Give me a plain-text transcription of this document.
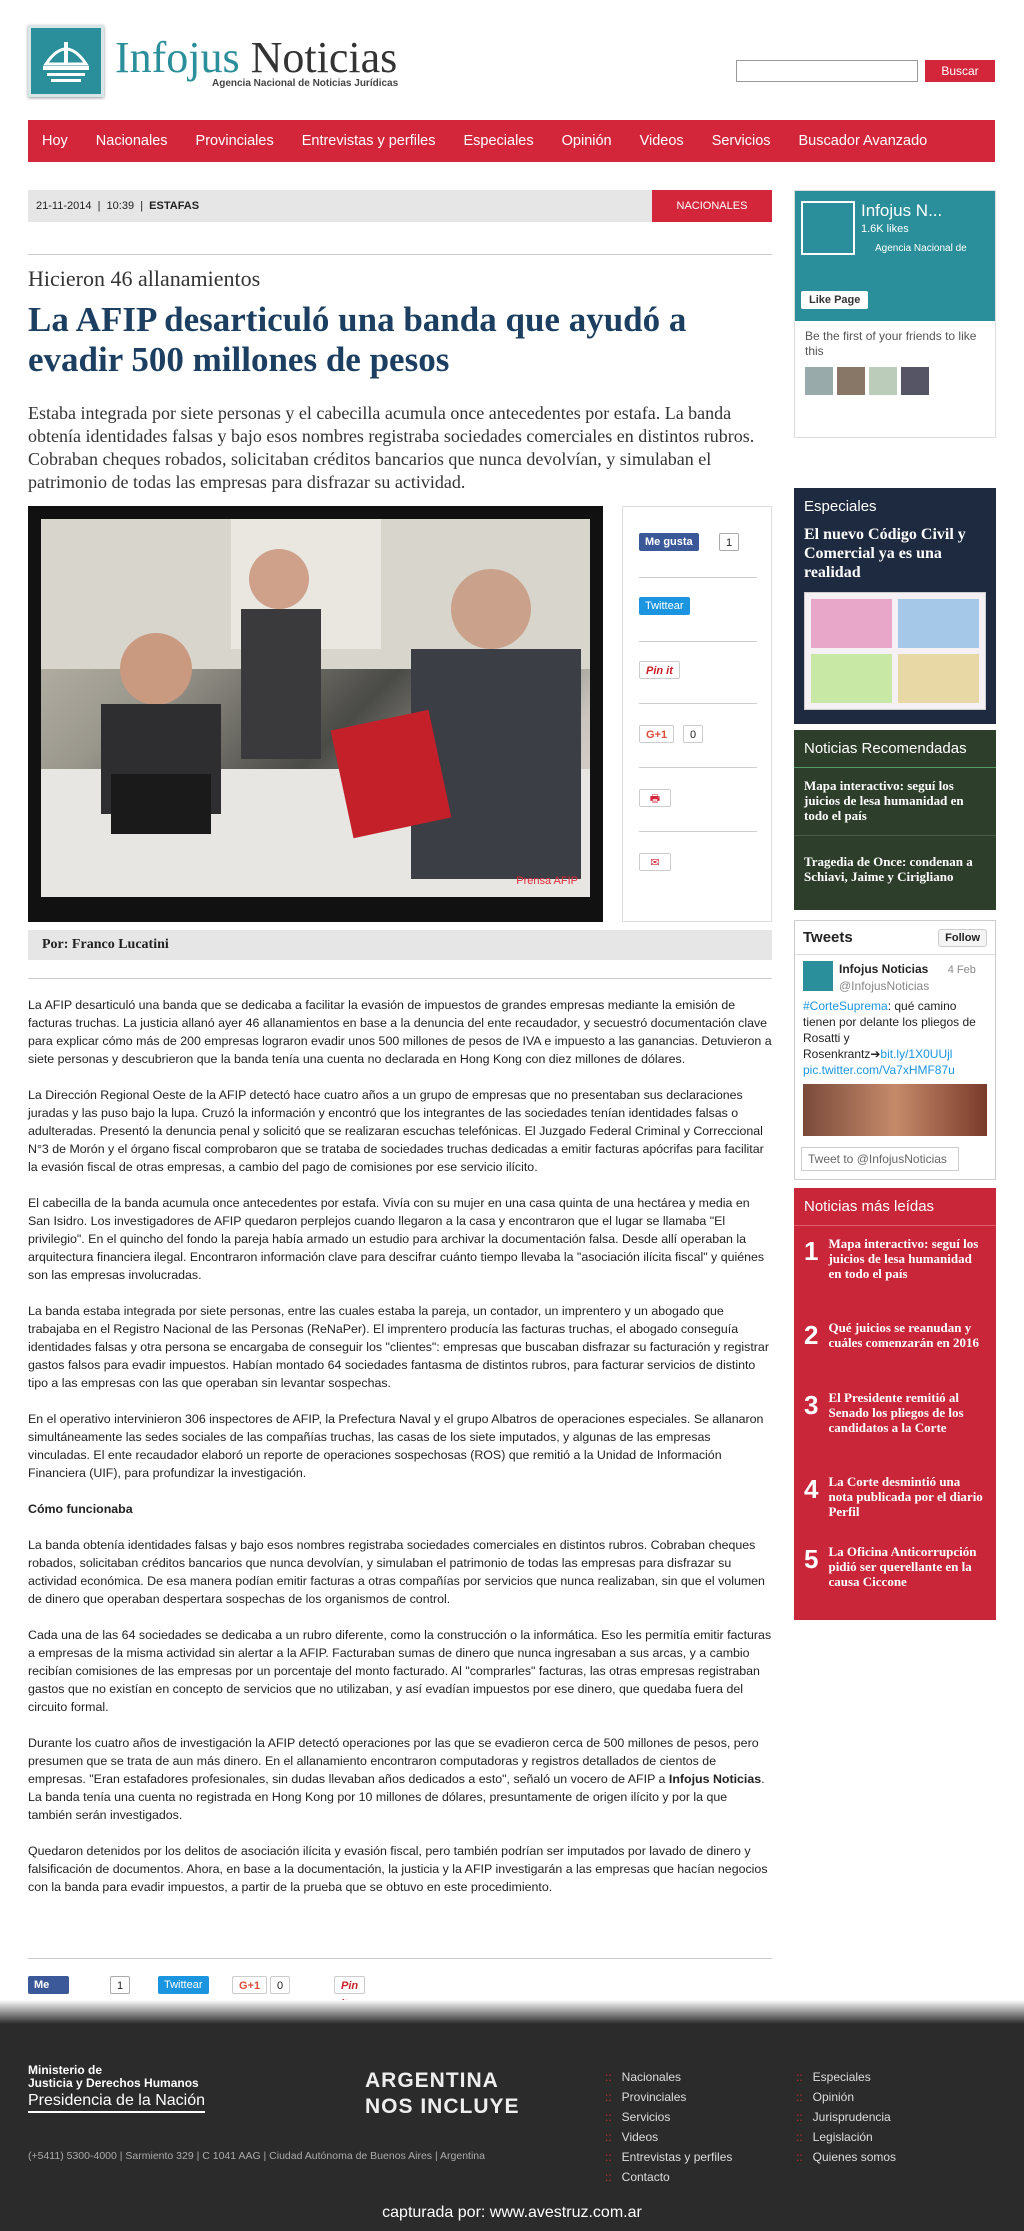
Infojus Noticias
Agencia Nacional de Noticias Jurídicas
Buscar
Hoy	Nacionales	Provinciales	Entrevistas y perfiles	Especiales	Opinión	Videos	Servicios	Buscador Avanzado
21-11-2014  |  10:39  |  ESTAFAS	NACIONALES
Hicieron 46 allanamientos
La AFIP desarticuló una banda que ayudó a evadir 500 millones de pesos
Estaba integrada por siete personas y el cabecilla acumula once antecedentes por estafa. La banda obtenía identidades falsas y bajo esos nombres registraba sociedades comerciales en distintos rubros. Cobraban cheques robados, solicitaban créditos bancarios que nunca devolvían, y simulaban el patrimonio de todas las empresas para disfrazar su actividad.
Prensa AFIP
Me gusta	1
Twittear
Pin it
G+1	0
🖶
✉
Por: Franco Lucatini

La AFIP desarticuló una banda que se dedicaba a facilitar la evasión de impuestos de grandes empresas mediante la emisión de facturas truchas. La justicia allanó ayer 46 allanamientos en base a la denuncia del ente recaudador, y secuestró documentación clave para explicar cómo más de 200 empresas lograron evadir unos 500 millones de pesos de IVA e impuesto a las ganancias. Detuvieron a siete personas y descubrieron que la banda tenía una cuenta no declarada en Hong Kong con diez millones de dólares.

La Dirección Regional Oeste de la AFIP detectó hace cuatro años a un grupo de empresas que no presentaban sus declaraciones juradas y las puso bajo la lupa. Cruzó la información y encontró que los integrantes de las sociedades tenían identidades falsas o adulteradas. Presentó la denuncia penal y solicitó que se realizaran escuchas telefónicas. El Juzgado Federal Criminal y Correccional N°3 de Morón y el órgano fiscal comprobaron que se trataba de sociedades truchas dedicadas a emitir facturas apócrifas para facilitar la evasión fiscal de otras empresas, a cambio del pago de comisiones por ese servicio ilícito.

El cabecilla de la banda acumula once antecedentes por estafa. Vivía con su mujer en una casa quinta de una hectárea y media en San Isidro. Los investigadores de AFIP quedaron perplejos cuando llegaron a la casa y encontraron que el lugar se llamaba "El privilegio". En el quincho del fondo la pareja había armado un estudio para archivar la documentación falsa. Desde allí operaban la arquitectura financiera ilegal. Encontraron información clave para descifrar cuánto tiempo llevaba la "asociación ilícita fiscal" y quiénes son las empresas involucradas.

La banda estaba integrada por siete personas, entre las cuales estaba la pareja, un contador, un imprentero y un abogado que trabajaba en el Registro Nacional de las Personas (ReNaPer). El imprentero producía las facturas truchas, el abogado conseguía identidades falsas y otra persona se encargaba de conseguir los "clientes": empresas que buscaban disfrazar su facturación y registrar gastos falsos para evadir impuestos. Habían montado 64 sociedades fantasma de distintos rubros, para facturar servicios de distinto tipo a las empresas con las que operaban sin levantar sospechas.

En el operativo intervinieron 306 inspectores de AFIP, la Prefectura Naval y el grupo Albatros de operaciones especiales. Se allanaron simultáneamente las sedes sociales de las compañías truchas, las casas de los siete imputados, y algunas de las empresas vinculadas. El ente recaudador elaboró un reporte de operaciones sospechosas (ROS) que remitió a la Unidad de Información Financiera (UIF), para profundizar la investigación.

Cómo funcionaba

La banda obtenía identidades falsas y bajo esos nombres registraba sociedades comerciales en distintos rubros. Cobraban cheques robados, solicitaban créditos bancarios que nunca devolvían, y simulaban el patrimonio de todas las empresas para disfrazar su actividad económica. De esa manera podían emitir facturas a otras compañías por servicios que nunca realizaban, sin que el volumen de dinero que operaban despertara sospechas de los organismos de control.

Cada una de las 64 sociedades se dedicaba a un rubro diferente, como la construcción o la informática. Eso les permitía emitir facturas a empresas de la misma actividad sin alertar a la AFIP. Facturaban sumas de dinero que nunca ingresaban a sus arcas, y a cambio recibían comisiones de las empresas por un porcentaje del monto facturado. Al "comprarles" facturas, las otras empresas registraban gastos que no existían en concepto de servicios que no utilizaban, y así evadían impuestos por ese dinero, que quedaba fuera del circuito formal.

Durante los cuatro años de investigación la AFIP detectó operaciones por las que se evadieron cerca de 500 millones de pesos, pero presumen que se trata de aun más dinero. En el allanamiento encontraron computadoras y registros detallados de cientos de empresas. "Eran estafadores profesionales, sin dudas llevaban años dedicados a esto", señaló un vocero de AFIP a Infojus Noticias. La banda tenía una cuenta no registrada en Hong Kong por 10 millones de dólares, presuntamente de origen ilícito y por la que también serán investigados.

Quedaron detenidos por los delitos de asociación ilícita y evasión fiscal, pero también podrían ser imputados por lavado de dinero y falsificación de documentos. Ahora, en base a la documentación, la justicia y la AFIP investigarán a las empresas que hacían negocios con la banda para evadir impuestos, a partir de la prueba que se obtuvo en este procedimiento.

Me	1	Twittear	G+1	0	Pin
Infojus N...
1.6K likes
Agencia Nacional de
Like Page
Be the first of your friends to like this
Especiales
El nuevo Código Civil y Comercial ya es una realidad
Noticias Recomendadas
Mapa interactivo: seguí los juicios de lesa humanidad en todo el país
Tragedia de Once: condenan a Schiavi, Jaime y Cirigliano
Tweets	Follow
Infojus Noticias 4 Feb
@InfojusNoticias
#CorteSuprema: qué camino tienen por delante los pliegos de Rosatti y Rosenkrantz➔bit.ly/1X0UUjl
pic.twitter.com/Va7xHMF87u
Tweet to @InfojusNoticias
Noticias más leídas
1 Mapa interactivo: seguí los juicios de lesa humanidad en todo el país
2 Qué juicios se reanudan y cuáles comenzarán en 2016
3 El Presidente remitió al Senado los pliegos de los candidatos a la Corte
4 La Corte desmintió una nota publicada por el diario Perfil
5 La Oficina Anticorrupción pidió ser querellante en la causa Ciccone
Ministerio de
Justicia y Derechos Humanos
Presidencia de la Nación
ARGENTINA
NOS INCLUYE
(+5411) 5300-4000 | Sarmiento 329 | C 1041 AAG | Ciudad Autónoma de Buenos Aires | Argentina
:: Nacionales
:: Provinciales
:: Servicios
:: Videos
:: Entrevistas y perfiles
:: Contacto
:: Especiales
:: Opinión
:: Jurisprudencia
:: Legislación
:: Quienes somos
capturada por: www.avestruz.com.ar
